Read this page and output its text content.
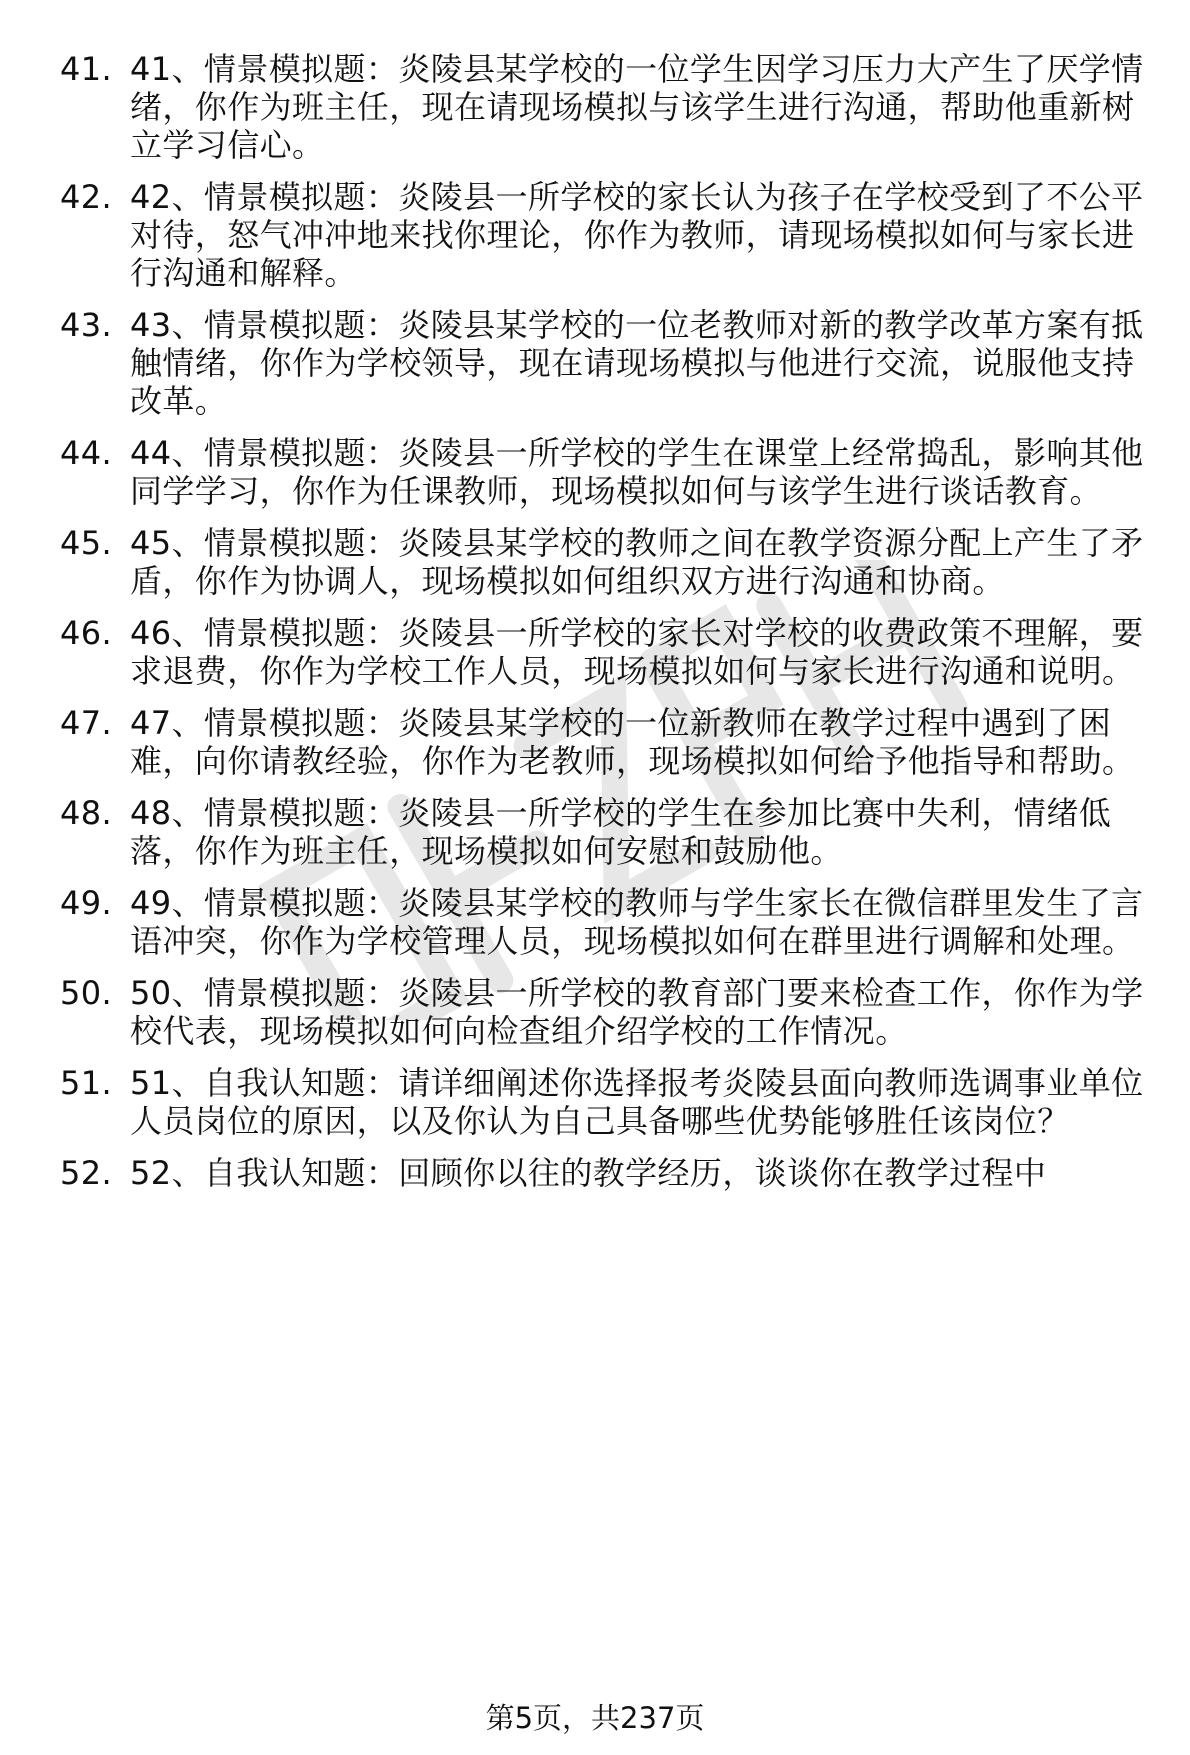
41. 41、情景模拟题：炎陵县某学校的一位学生因学习压力大产生了厌学情绪，你作为班主任，现在请现场模拟与该学生进行沟通，帮助他重新树立学习信心。
42. 42、情景模拟题：炎陵县一所学校的家长认为孩子在学校受到了不公平对待，怒气冲冲地来找你理论，你作为教师，请现场模拟如何与家长进行沟通和解释。
43. 43、情景模拟题：炎陵县某学校的一位老教师对新的教学改革方案有抵触情绪，你作为学校领导，现在请现场模拟与他进行交流，说服他支持改革。
44. 44、情景模拟题：炎陵县一所学校的学生在课堂上经常捣乱，影响其他同学学习，你作为任课教师，现场模拟如何与该学生进行谈话教育。
45. 45、情景模拟题：炎陵县某学校的教师之间在教学资源分配上产生了矛盾，你作为协调人，现场模拟如何组织双方进行沟通和协商。
46. 46、情景模拟题：炎陵县一所学校的家长对学校的收费政策不理解，要求退费，你作为学校工作人员，现场模拟如何与家长进行沟通和说明。
47. 47、情景模拟题：炎陵县某学校的一位新教师在教学过程中遇到了困难，向你请教经验，你作为老教师，现场模拟如何给予他指导和帮助。
48. 48、情景模拟题：炎陵县一所学校的学生在参加比赛中失利，情绪低落，你作为班主任，现场模拟如何安慰和鼓励他。
49. 49、情景模拟题：炎陵县某学校的教师与学生家长在微信群里发生了言语冲突，你作为学校管理人员，现场模拟如何在群里进行调解和处理。
50. 50、情景模拟题：炎陵县一所学校的教育部门要来检查工作，你作为学校代表，现场模拟如何向检查组介绍学校的工作情况。
51. 51、自我认知题：请详细阐述你选择报考炎陵县面向教师选调事业单位人员岗位的原因，以及你认为自己具备哪些优势能够胜任该岗位？
52. 52、自我认知题：回顾你以往的教学经历，谈谈你在教学过程中
第5页，共237页
